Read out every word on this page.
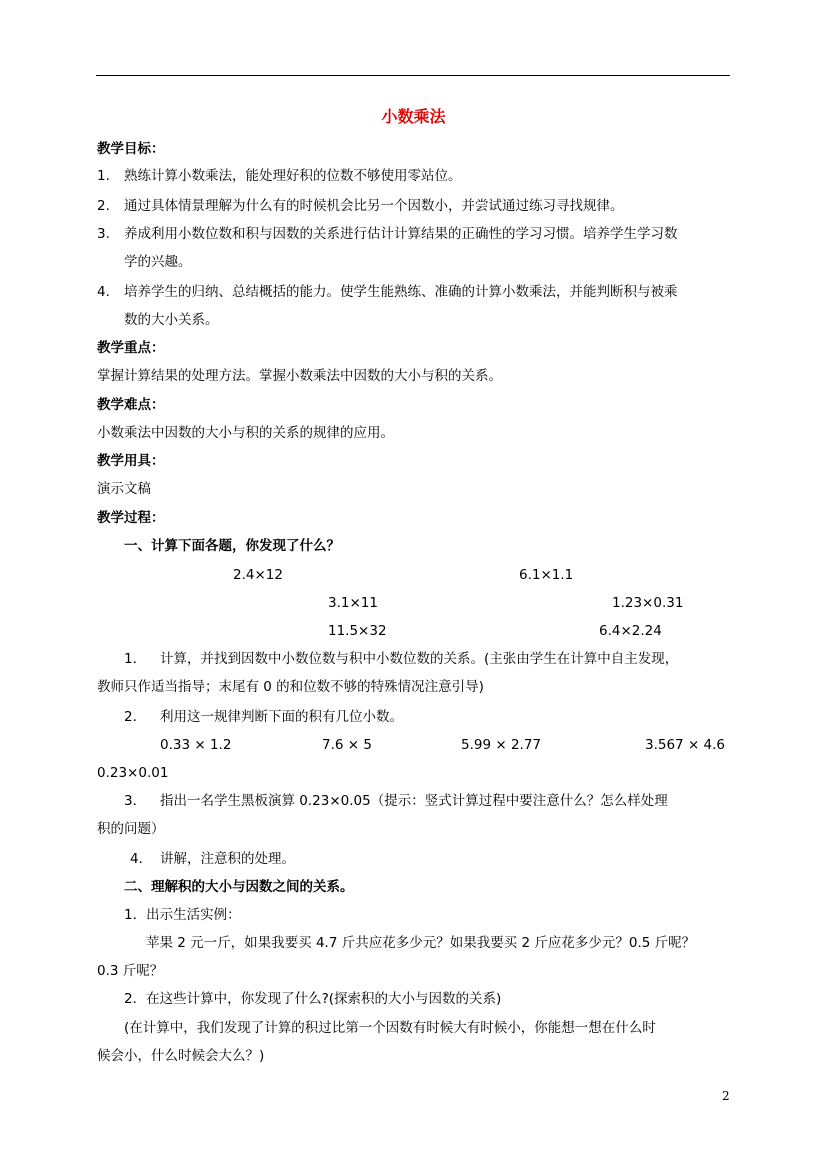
小数乘法
教学目标：
1. 熟练计算小数乘法，能处理好积的位数不够使用零站位。
2. 通过具体情景理解为什么有的时候机会比另一个因数小，并尝试通过练习寻找规律。
3. 养成利用小数位数和积与因数的关系进行估计计算结果的正确性的学习习惯。培养学生学习数
学的兴趣。
4. 培养学生的归纳、总结概括的能力。使学生能熟练、准确的计算小数乘法，并能判断积与被乘
数的大小关系。
教学重点：
掌握计算结果的处理方法。掌握小数乘法中因数的大小与积的关系。
教学难点：
小数乘法中因数的大小与积的关系的规律的应用。
教学用具：
演示文稿
教学过程：
一、计算下面各题，你发现了什么？
2.4×12	6.1×1.1
3.1×11	1.23×0.31
11.5×32	6.4×2.24
1． 计算，并找到因数中小数位数与积中小数位数的关系。(主张由学生在计算中自主发现，
教师只作适当指导；末尾有 0 的和位数不够的特殊情况注意引导)
2． 利用这一规律判断下面的积有几位小数。
0.33 × 1.2	7.6 × 5	5.99 × 2.77	3.567 × 4.6
0.23×0.01
3． 指出一名学生黑板演算 0.23×0.05（提示：竖式计算过程中要注意什么？怎么样处理
积的问题）
4． 讲解，注意积的处理。
二、理解积的大小与因数之间的关系。
1．出示生活实例：
苹果 2 元一斤，如果我要买 4.7 斤共应花多少元？如果我要买 2 斤应花多少元？0.5 斤呢？
0.3 斤呢？
2．在这些计算中，你发现了什么?(探索积的大小与因数的关系)
(在计算中，我们发现了计算的积过比第一个因数有时候大有时候小，你能想一想在什么时
候会小，什么时候会大么？)
2
